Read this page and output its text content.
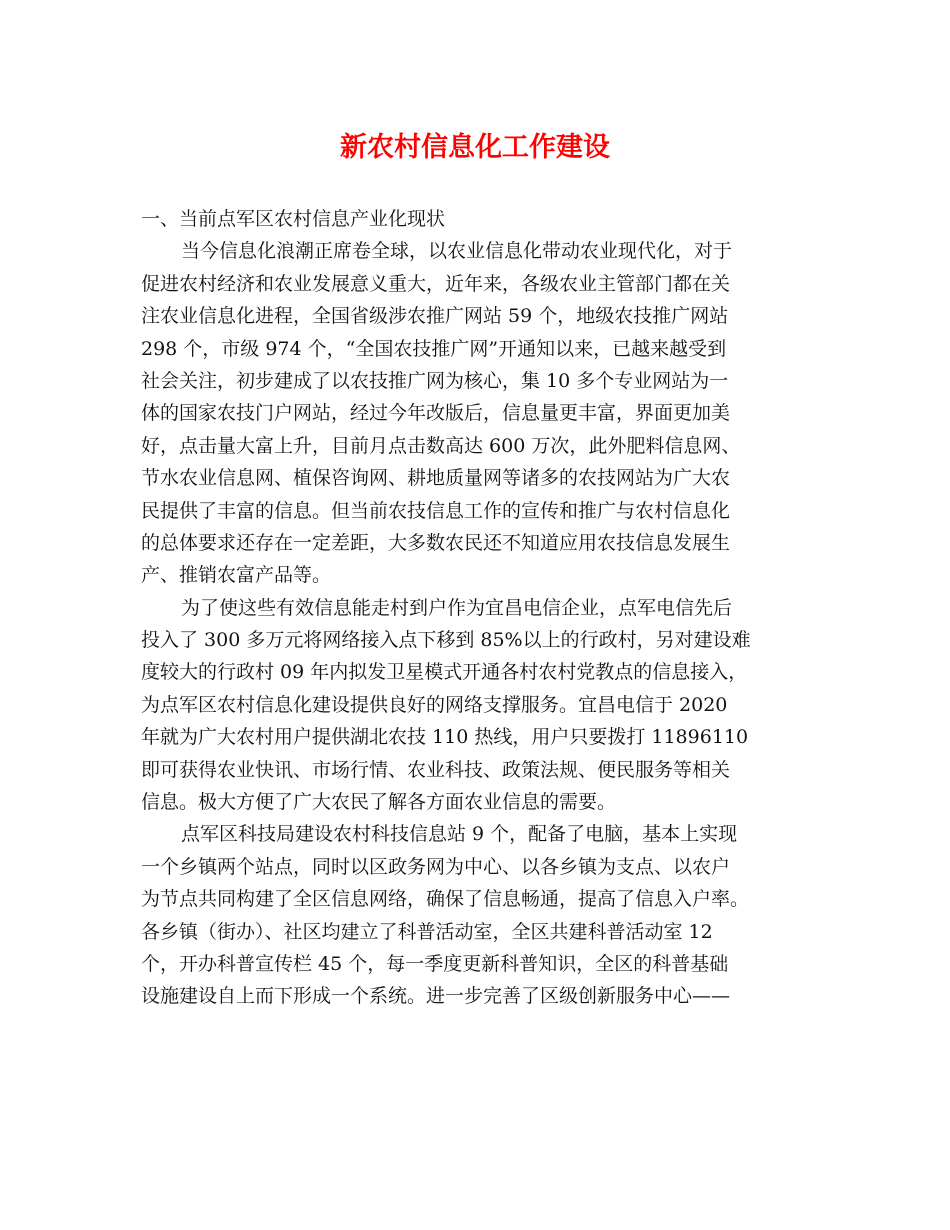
新农村信息化工作建设
一、当前点军区农村信息产业化现状
当今信息化浪潮正席卷全球，以农业信息化带动农业现代化，对于
促进农村经济和农业发展意义重大，近年来，各级农业主管部门都在关
注农业信息化进程，全国省级涉农推广网站 59 个，地级农技推广网站
298 个，市级 974 个，“全国农技推广网”开通知以来，已越来越受到
社会关注，初步建成了以农技推广网为核心，集 10 多个专业网站为一
体的国家农技门户网站，经过今年改版后，信息量更丰富，界面更加美
好，点击量大富上升，目前月点击数高达 600 万次，此外肥料信息网、
节水农业信息网、植保咨询网、耕地质量网等诸多的农技网站为广大农
民提供了丰富的信息。但当前农技信息工作的宣传和推广与农村信息化
的总体要求还存在一定差距，大多数农民还不知道应用农技信息发展生
产、推销农富产品等。
为了使这些有效信息能走村到户作为宜昌电信企业，点军电信先后
投入了 300 多万元将网络接入点下移到 85%以上的行政村，另对建设难
度较大的行政村 09 年内拟发卫星模式开通各村农村党教点的信息接入，
为点军区农村信息化建设提供良好的网络支撑服务。宜昌电信于 2020
年就为广大农村用户提供湖北农技 110 热线，用户只要拨打 11896110
即可获得农业快讯、市场行情、农业科技、政策法规、便民服务等相关
信息。极大方便了广大农民了解各方面农业信息的需要。
点军区科技局建设农村科技信息站 9 个，配备了电脑，基本上实现
一个乡镇两个站点，同时以区政务网为中心、以各乡镇为支点、以农户
为节点共同构建了全区信息网络，确保了信息畅通，提高了信息入户率。
各乡镇（街办）、社区均建立了科普活动室，全区共建科普活动室 12
个，开办科普宣传栏 45 个，每一季度更新科普知识，全区的科普基础
设施建设自上而下形成一个系统。进一步完善了区级创新服务中心——
